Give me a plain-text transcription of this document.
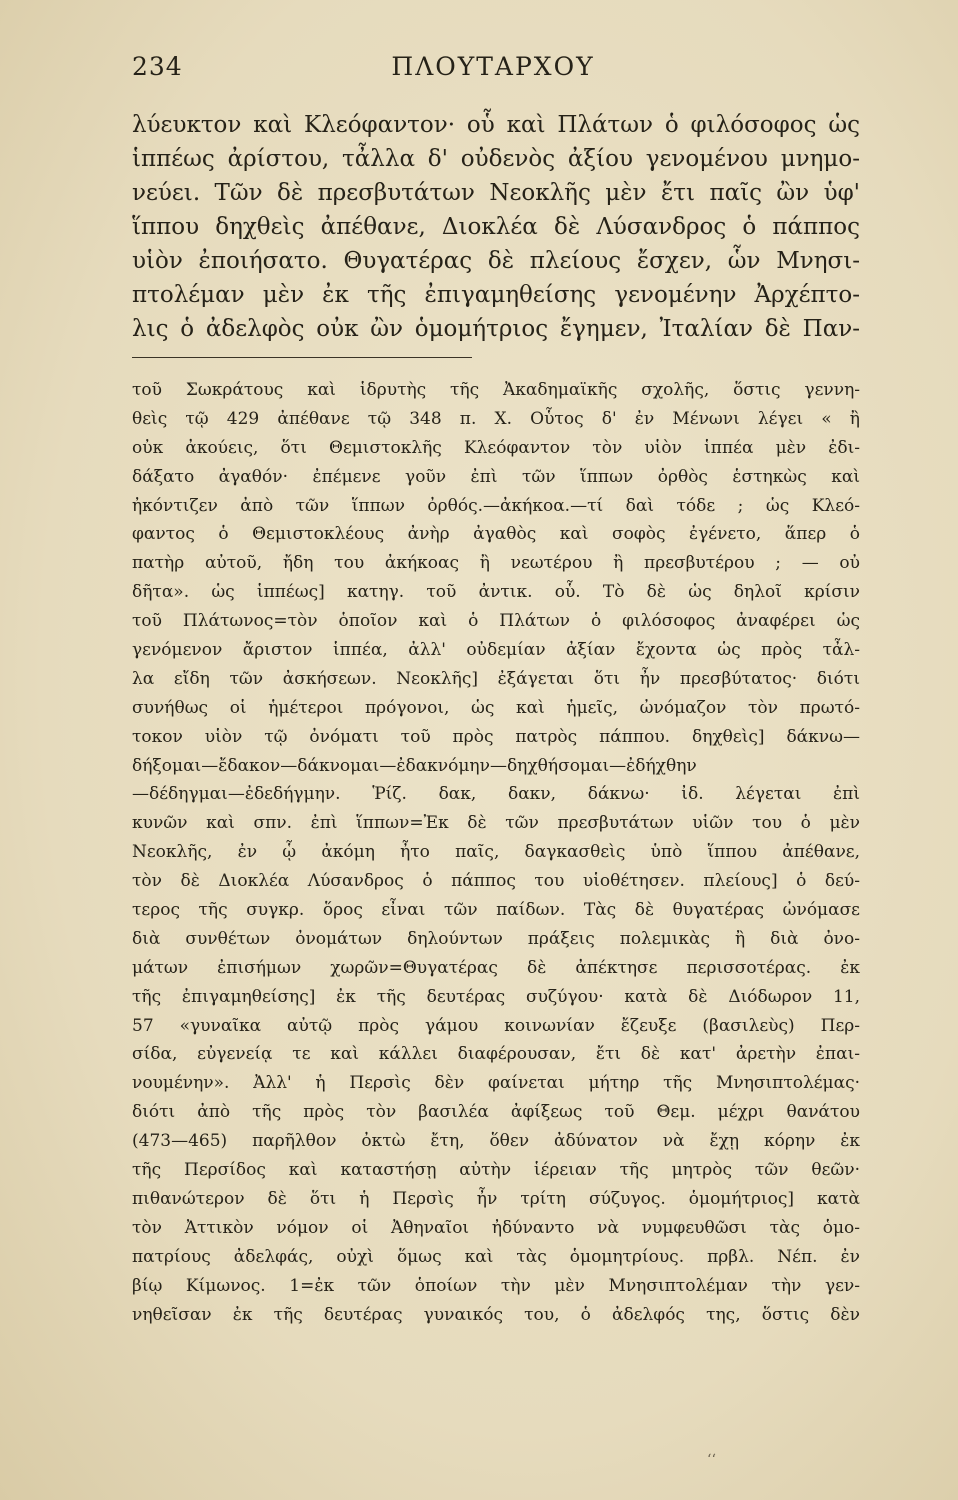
234	ΠΛΟΥΤΑΡΧΟΥ
λύευκτον καὶ Κλεόφαντον· οὗ καὶ Πλάτων ὁ φιλόσοφος ὡς
ἱππέως ἀρίστου, τἆλλα δ' οὐδενὸς ἀξίου γενομένου μνημο-
νεύει. Τῶν δὲ πρεσβυτάτων Νεοκλῆς μὲν ἔτι παῖς ὢν ὑφ'
ἵππου δηχθεὶς ἀπέθανε, Διοκλέα δὲ Λύσανδρος ὁ πάππος
υἱὸν ἐποιήσατο. Θυγατέρας δὲ πλείους ἔσχεν, ὧν Μνησι-
πτολέμαν μὲν ἐκ τῆς ἐπιγαμηθείσης γενομένην Ἀρχέπτο-
λις ὁ ἀδελφὸς οὐκ ὢν ὁμομήτριος ἔγημεν, Ἰταλίαν δὲ Παν-
τοῦ Σωκράτους καὶ ἱδρυτὴς τῆς Ἀκαδημαϊκῆς σχολῆς, ὅστις γεννη-
θεὶς τῷ 429 ἀπέθανε τῷ 348 π. Χ. Οὗτος δ' ἐν Μένωνι λέγει « ἢ
οὐκ ἀκούεις, ὅτι Θεμιστοκλῆς Κλεόφαντον τὸν υἱὸν ἱππέα μὲν ἐδι-
δάξατο ἀγαθόν· ἐπέμενε γοῦν ἐπὶ τῶν ἵππων ὀρθὸς ἑστηκὼς καὶ
ἠκόντιζεν ἀπὸ τῶν ἵππων ὀρθός.—ἀκήκοα.—τί δαὶ τόδε ; ὡς Κλεό-
φαντος ὁ Θεμιστοκλέους ἀνὴρ ἀγαθὸς καὶ σοφὸς ἐγένετο, ἅπερ ὁ
πατὴρ αὐτοῦ, ἤδη του ἀκήκοας ἢ νεωτέρου ἢ πρεσβυτέρου ; — οὐ
δῆτα». ὡς ἱππέως] κατηγ. τοῦ ἀντικ. οὗ. Τὸ δὲ ὡς δηλοῖ κρίσιν
τοῦ Πλάτωνος=τὸν ὁποῖον καὶ ὁ Πλάτων ὁ φιλόσοφος ἀναφέρει ὡς
γενόμενον ἄριστον ἱππέα, ἀλλ' οὐδεμίαν ἀξίαν ἔχοντα ὡς πρὸς τἆλ-
λα εἴδη τῶν ἀσκήσεων. Νεοκλῆς] ἐξάγεται ὅτι ἦν πρεσβύτατος· διότι
συνήθως οἱ ἡμέτεροι πρόγονοι, ὡς καὶ ἡμεῖς, ὠνόμαζον τὸν πρωτό-
τοκον υἱὸν τῷ ὀνόματι τοῦ πρὸς πατρὸς πάππου. δηχθεὶς] δάκνω—
δήξομαι—ἔδακον—δάκνομαι—ἐδακνόμην—δηχθήσομαι—ἐδήχθην
—δέδηγμαι—ἐδεδήγμην. Ῥίζ. δακ, δακν, δάκνω· ἰδ. λέγεται ἐπὶ
κυνῶν καὶ σπν. ἐπὶ ἵππων=Ἐκ δὲ τῶν πρεσβυτάτων υἱῶν του ὁ μὲν
Νεοκλῆς, ἐν ᾧ ἀκόμη ἦτο παῖς, δαγκασθεὶς ὑπὸ ἵππου ἀπέθανε,
τὸν δὲ Διοκλέα Λύσανδρος ὁ πάππος του υἱοθέτησεν. πλείους] ὁ δεύ-
τερος τῆς συγκρ. ὅρος εἶναι τῶν παίδων. Τὰς δὲ θυγατέρας ὠνόμασε
διὰ συνθέτων ὀνομάτων δηλούντων πράξεις πολεμικὰς ἢ διὰ ὀνο-
μάτων ἐπισήμων χωρῶν=Θυγατέρας δὲ ἀπέκτησε περισσοτέρας. ἐκ
τῆς ἐπιγαμηθείσης] ἐκ τῆς δευτέρας συζύγου· κατὰ δὲ Διόδωρον 11,
57 «γυναῖκα αὐτῷ πρὸς γάμου κοινωνίαν ἔζευξε (βασιλεὺς) Περ-
σίδα, εὐγενείᾳ τε καὶ κάλλει διαφέρουσαν, ἔτι δὲ κατ' ἀρετὴν ἐπαι-
νουμένην». Ἀλλ' ἡ Περσὶς δὲν φαίνεται μήτηρ τῆς Μνησιπτολέμας·
διότι ἀπὸ τῆς πρὸς τὸν βασιλέα ἀφίξεως τοῦ Θεμ. μέχρι θανάτου
(473—465) παρῆλθον ὀκτὼ ἔτη, ὅθεν ἀδύνατον νὰ ἔχῃ κόρην ἐκ
τῆς Περσίδος καὶ καταστήσῃ αὐτὴν ἱέρειαν τῆς μητρὸς τῶν θεῶν·
πιθανώτερον δὲ ὅτι ἡ Περσὶς ἦν τρίτη σύζυγος. ὁμομήτριος] κατὰ
τὸν Ἀττικὸν νόμον οἱ Ἀθηναῖοι ἠδύναντο νὰ νυμφευθῶσι τὰς ὁμο-
πατρίους ἀδελφάς, οὐχὶ ὅμως καὶ τὰς ὁμομητρίους. πρβλ. Νέπ. ἐν
βίῳ Κίμωνος. 1=ἐκ τῶν ὁποίων τὴν μὲν Μνησιπτολέμαν τὴν γεν-
νηθεῖσαν ἐκ τῆς δευτέρας γυναικός του, ὁ ἀδελφός της, ὅστις δὲν
ʻʻ
